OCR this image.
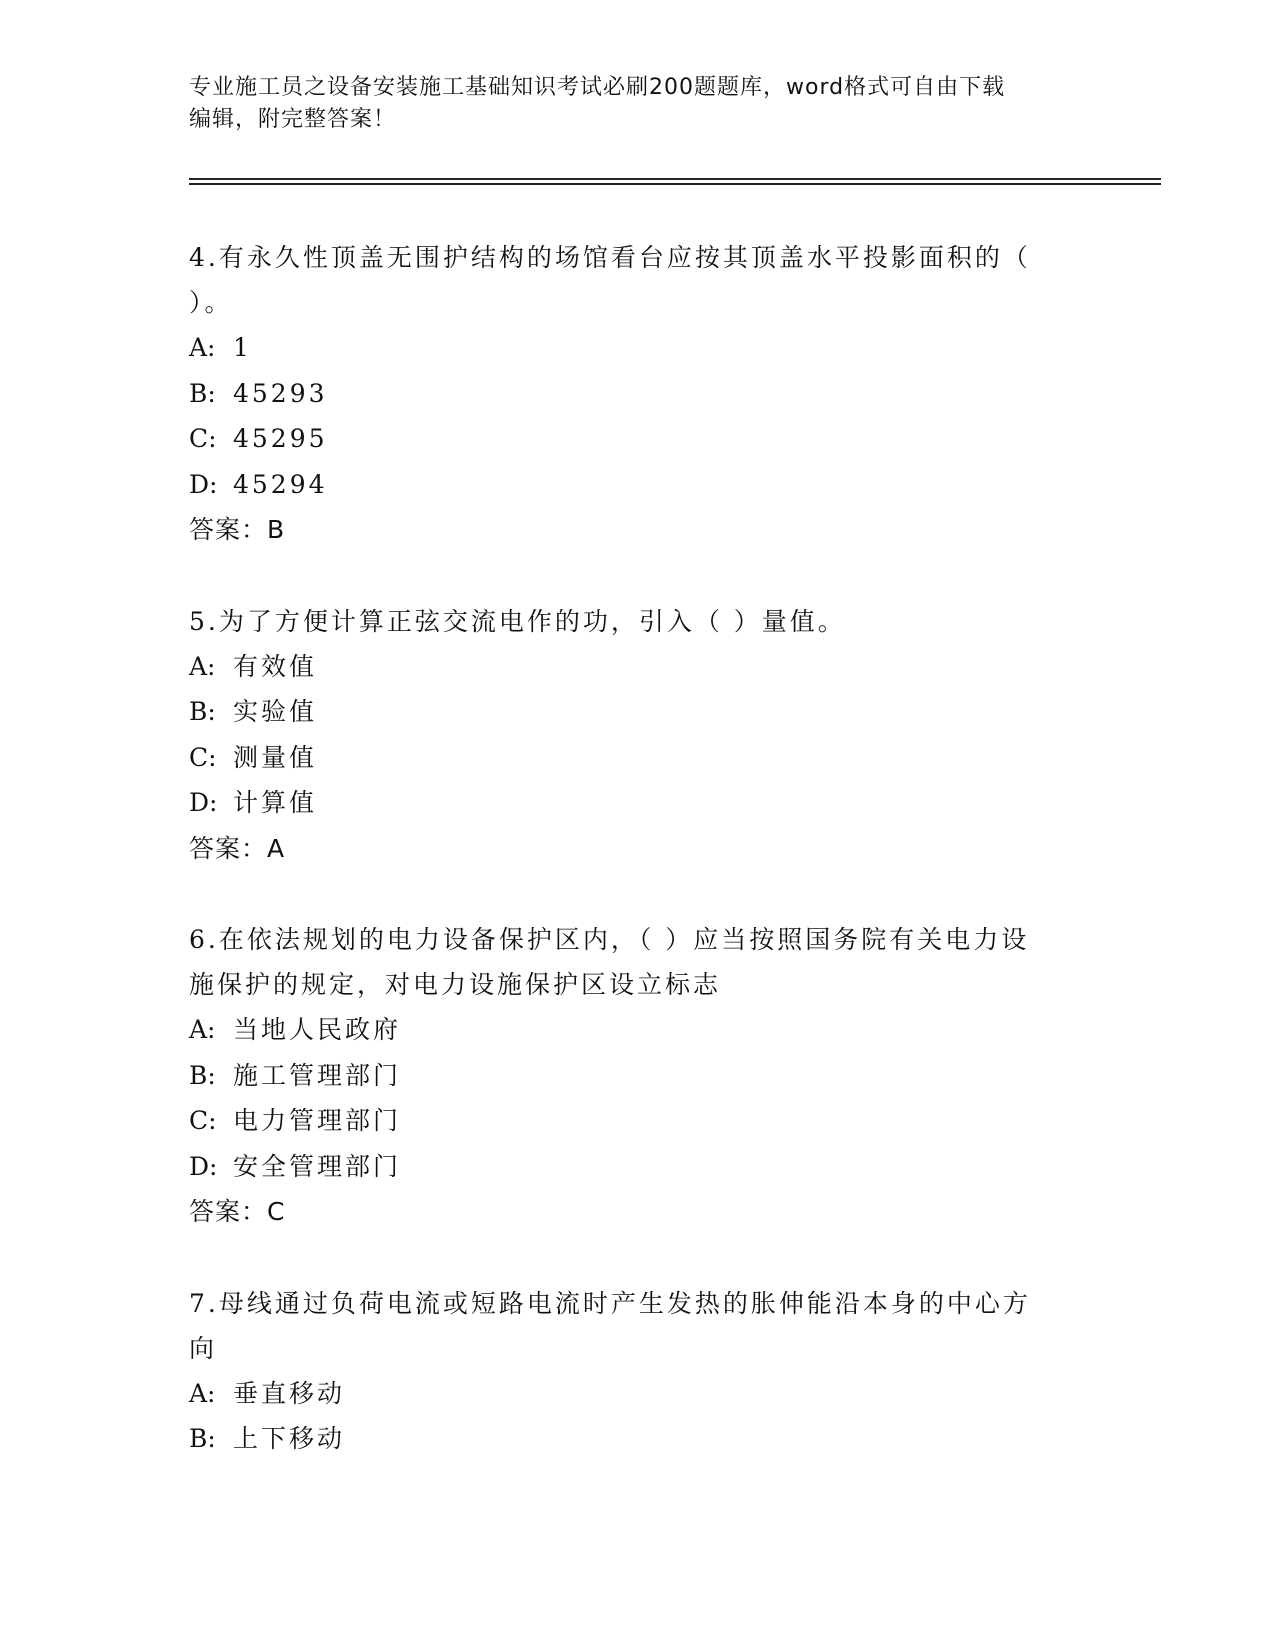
专业施工员之设备安装施工基础知识考试必刷200题题库，word格式可自由下载
编辑，附完整答案！
4.有永久性顶盖无围护结构的场馆看台应按其顶盖水平投影面积的（
）。
A: 1
B: 45293
C: 45295
D: 45294
答案：B
5.为了方便计算正弦交流电作的功，引入（ ）量值。
A: 有效值
B: 实验值
C: 测量值
D: 计算值
答案：A
6.在依法规划的电力设备保护区内，（ ）应当按照国务院有关电力设
施保护的规定，对电力设施保护区设立标志
A: 当地人民政府
B: 施工管理部门
C: 电力管理部门
D: 安全管理部门
答案：C
7.母线通过负荷电流或短路电流时产生发热的胀伸能沿本身的中心方
向
A: 垂直移动
B: 上下移动
